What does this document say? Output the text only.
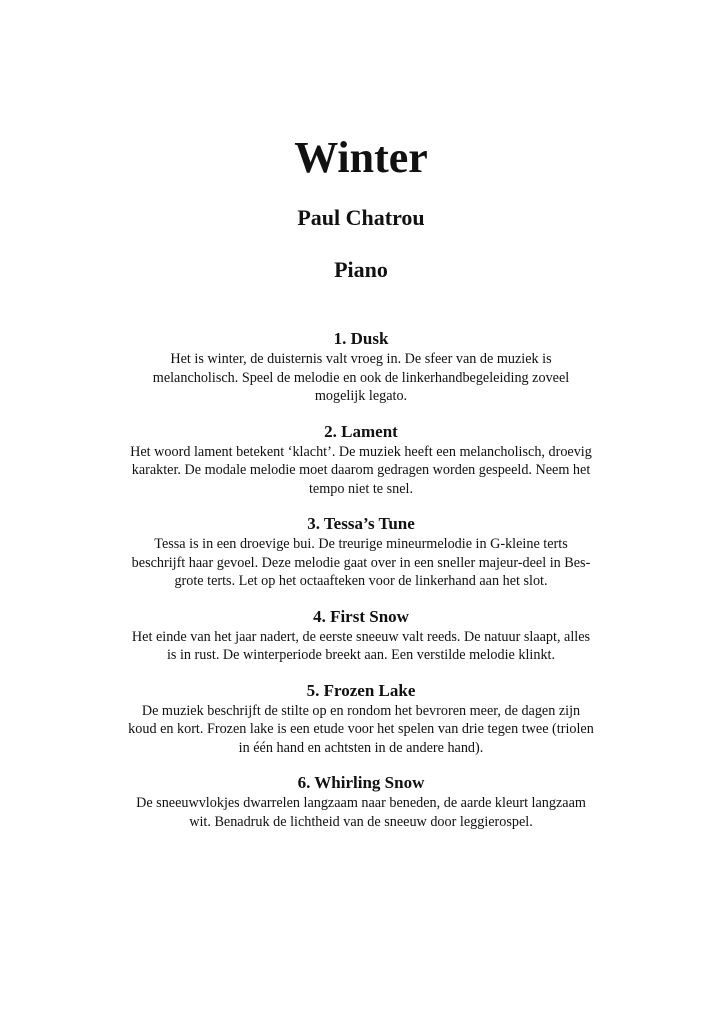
Winter
Paul Chatrou
Piano
1. Dusk

Het is winter, de duisternis valt vroeg in. De sfeer van de muziek is melancholisch. Speel de melodie en ook de linkerhandbegeleiding zoveel mogelijk legato.

2. Lament

Het woord lament betekent ‘klacht’. De muziek heeft een melancholisch, droevig karakter. De modale melodie moet daarom gedragen worden gespeeld. Neem het tempo niet te snel.

3. Tessa’s Tune

Tessa is in een droevige bui. De treurige mineurmelodie in G-kleine terts beschrijft haar gevoel. Deze melodie gaat over in een sneller majeur-deel in Bes-grote terts. Let op het octaafteken voor de linkerhand aan het slot.

4. First Snow

Het einde van het jaar nadert, de eerste sneeuw valt reeds. De natuur slaapt, alles is in rust. De winterperiode breekt aan. Een verstilde melodie klinkt.

5. Frozen Lake

De muziek beschrijft de stilte op en rondom het bevroren meer, de dagen zijn koud en kort. Frozen lake is een etude voor het spelen van drie tegen twee (triolen in één hand en achtsten in de andere hand).

6. Whirling Snow

De sneeuwvlokjes dwarrelen langzaam naar beneden, de aarde kleurt langzaam wit. Benadruk de lichtheid van de sneeuw door leggierospel.
